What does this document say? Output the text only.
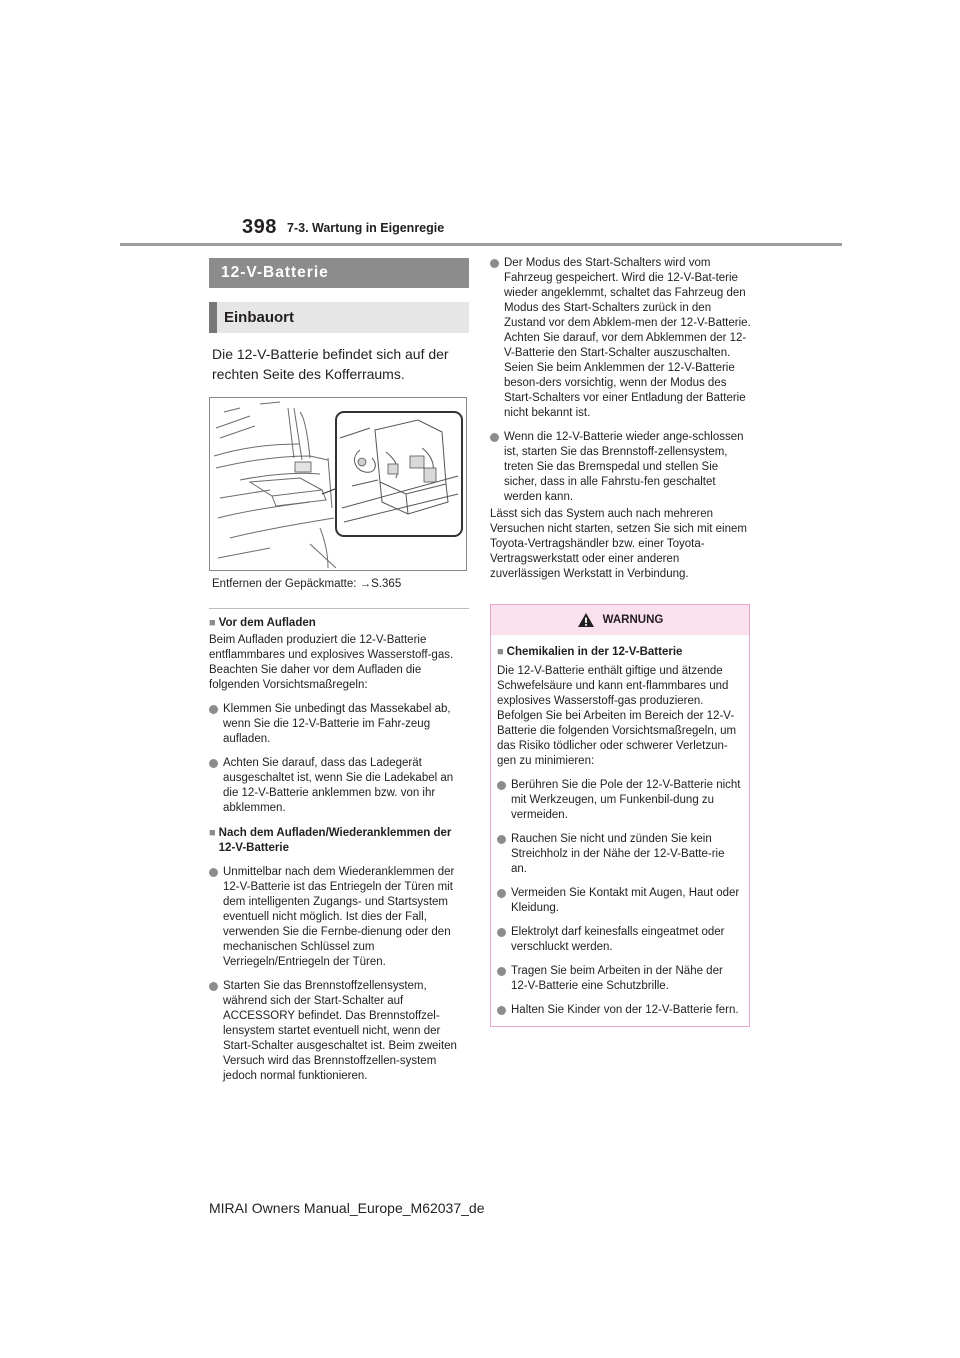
398 7-3. Wartung in Eigenregie
12-V-Batterie
Einbauort
Die 12-V-Batterie befindet sich auf der rechten Seite des Kofferraums.
Entfernen der Gepäckmatte: →S.365
■ Vor dem Aufladen
Beim Aufladen produziert die 12-V-Batterie entflammbares und explosives Wasserstoff-gas. Beachten Sie daher vor dem Aufladen die folgenden Vorsichtsmaßregeln:
Klemmen Sie unbedingt das Massekabel ab, wenn Sie die 12-V-Batterie im Fahr-zeug aufladen.
Achten Sie darauf, dass das Ladegerät ausgeschaltet ist, wenn Sie die Ladekabel an die 12-V-Batterie anklemmen bzw. von ihr abklemmen.
■ Nach dem Aufladen/Wiederanklemmen der 12-V-Batterie
Unmittelbar nach dem Wiederanklemmen der 12-V-Batterie ist das Entriegeln der Türen mit dem intelligenten Zugangs- und Startsystem eventuell nicht möglich. Ist dies der Fall, verwenden Sie die Fernbe-dienung oder den mechanischen Schlüssel zum Verriegeln/Entriegeln der Türen.
Starten Sie das Brennstoffzellensystem, während sich der Start-Schalter auf ACCESSORY befindet. Das Brennstoffzel-lensystem startet eventuell nicht, wenn der Start-Schalter ausgeschaltet ist. Beim zweiten Versuch wird das Brennstoffzellen-system jedoch normal funktionieren.
Der Modus des Start-Schalters wird vom Fahrzeug gespeichert. Wird die 12-V-Bat-terie wieder angeklemmt, schaltet das Fahrzeug den Modus des Start-Schalters zurück in den Zustand vor dem Abklem-men der 12-V-Batterie. Achten Sie darauf, vor dem Abklemmen der 12-V-Batterie den Start-Schalter auszuschalten. Seien Sie beim Anklemmen der 12-V-Batterie beson-ders vorsichtig, wenn der Modus des Start-Schalters vor einer Entladung der Batterie nicht bekannt ist.
Wenn die 12-V-Batterie wieder ange-schlossen ist, starten Sie das Brennstoff-zellensystem, treten Sie das Bremspedal und stellen Sie sicher, dass in alle Fahrstu-fen geschaltet werden kann.
Lässt sich das System auch nach mehreren Versuchen nicht starten, setzen Sie sich mit einem Toyota-Vertragshändler bzw. einer Toyota-Vertragswerkstatt oder einer anderen zuverlässigen Werkstatt in Verbindung.
WARNUNG
■ Chemikalien in der 12-V-Batterie
Die 12-V-Batterie enthält giftige und ätzende Schwefelsäure und kann ent-flammbares und explosives Wasserstoff-gas produzieren. Befolgen Sie bei Arbeiten im Bereich der 12-V-Batterie die folgenden Vorsichtsmaßregeln, um das Risiko tödlicher oder schwerer Verletzun-gen zu minimieren:
Berühren Sie die Pole der 12-V-Batterie nicht mit Werkzeugen, um Funkenbil-dung zu vermeiden.
Rauchen Sie nicht und zünden Sie kein Streichholz in der Nähe der 12-V-Batte-rie an.
Vermeiden Sie Kontakt mit Augen, Haut oder Kleidung.
Elektrolyt darf keinesfalls eingeatmet oder verschluckt werden.
Tragen Sie beim Arbeiten in der Nähe der 12-V-Batterie eine Schutzbrille.
Halten Sie Kinder von der 12-V-Batterie fern.
MIRAI Owners Manual_Europe_M62037_de
